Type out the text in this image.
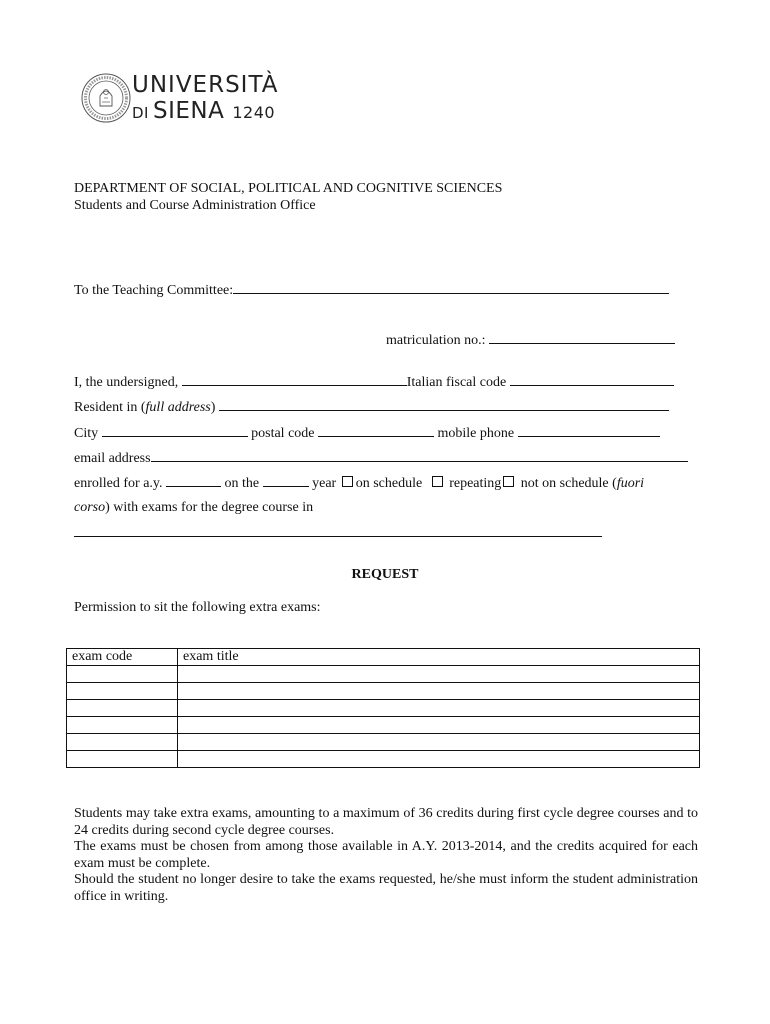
UNIVERSITÀ
DI SIENA 1240
DEPARTMENT OF SOCIAL, POLITICAL AND COGNITIVE SCIENCES
Students and Course Administration Office
To the Teaching Committee:
matriculation no.:
I, the undersigned,	Italian fiscal code
Resident in (full address)
City	postal code	mobile phone
email address
enrolled for a.y.	on the	year on schedule repeating not on schedule (fuori
corso) with exams for the degree course in
REQUEST
Permission to sit the following extra exams:
exam code	exam title

Students may take extra exams, amounting to a maximum of 36 credits during first cycle degree courses and to 24 credits during second cycle degree courses.

The exams must be chosen from among those available in A.Y. 2013-2014, and the credits acquired for each exam must be complete.

Should the student no longer desire to take the exams requested, he/she must inform the student administration office in writing.
